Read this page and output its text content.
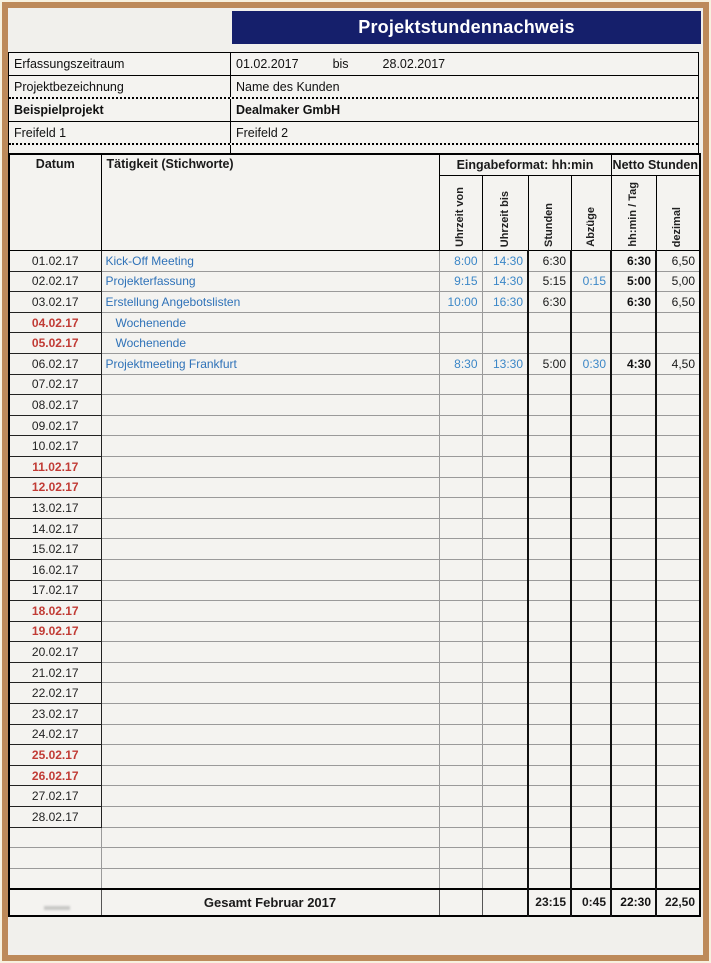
Projektstundennachweis
Erfassungszeitraum	01.02.2017	bis	28.02.2017
Projektbezeichnung	Name des Kunden
Beispielprojekt	Dealmaker GmbH
Freifeld 1	Freifeld 2
Datum	Tätigkeit (Stichworte)	Eingabeformat: hh:min				Netto Stunden	

		Uhrzeit von	Uhrzeit bis	Stunden	Abzüge	hh:min / Tag	dezimal

01.02.17	Kick-Off Meeting	8:00	14:30	6:30		6:30	6,50
02.02.17	Projekterfassung	9:15	14:30	5:15	0:15	5:00	5,00
03.02.17	Erstellung Angebotslisten	10:00	16:30	6:30		6:30	6,50
04.02.17	Wochenende						
05.02.17	Wochenende						
06.02.17	Projektmeeting Frankfurt	8:30	13:30	5:00	0:30	4:30	4,50
07.02.17							
08.02.17							
09.02.17							
10.02.17							
11.02.17							
12.02.17							
13.02.17							
14.02.17							
15.02.17							
16.02.17							
17.02.17							
18.02.17							
19.02.17							
20.02.17							
21.02.17							
22.02.17							
23.02.17							
24.02.17							
25.02.17							
26.02.17							
27.02.17							
28.02.17							

	Gesamt Februar 2017			23:15	0:45	22:30	22,50
